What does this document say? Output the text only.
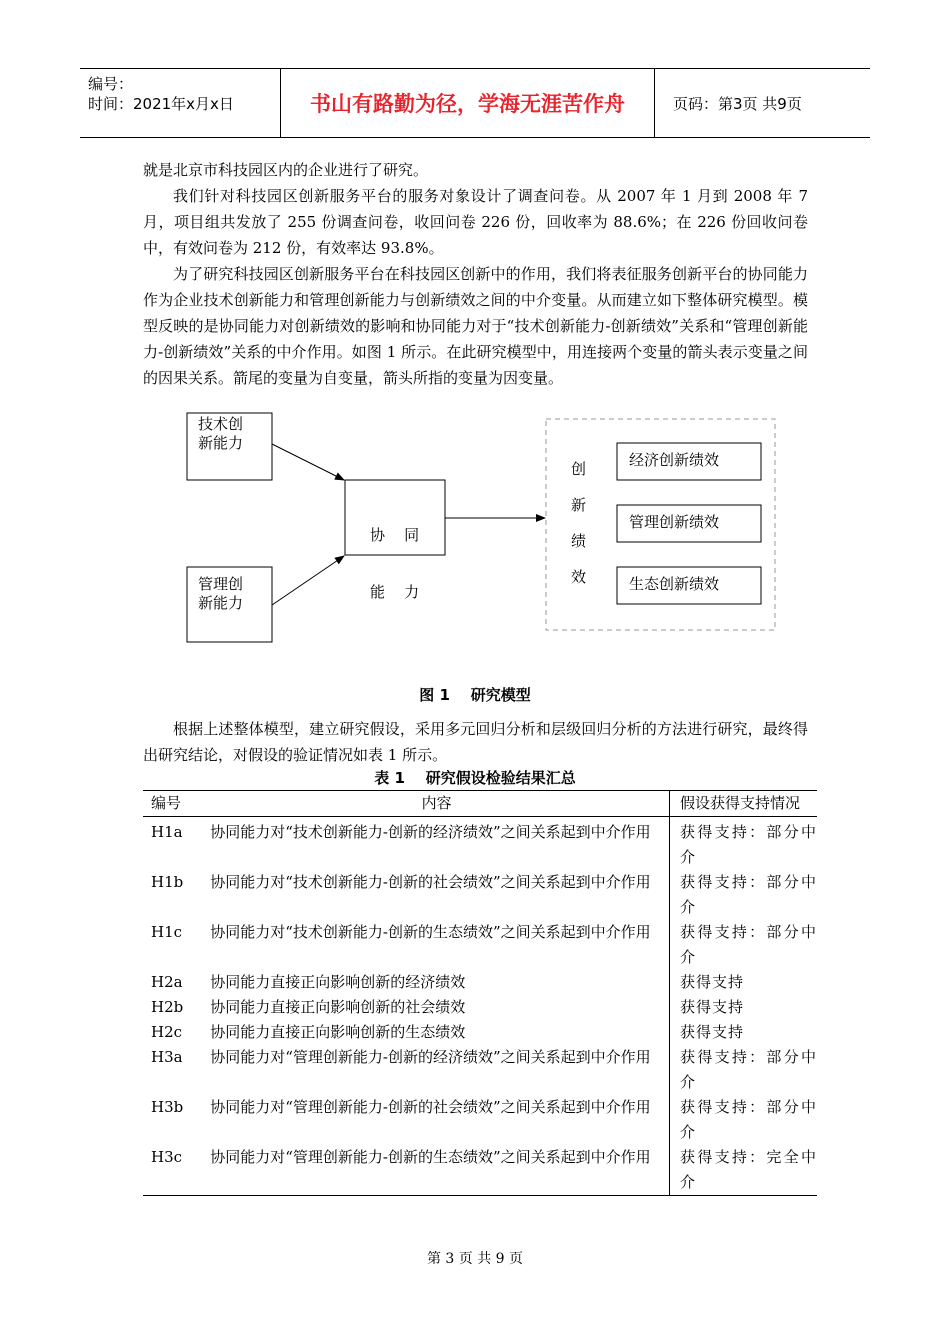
编号：
时间：2021年x月x日	书山有路勤为径，学海无涯苦作舟	页码：第3页 共9页
就是北京市科技园区内的企业进行了研究。
我们针对科技园区创新服务平台的服务对象设计了调查问卷。从 2007 年 1 月到 2008 年 7 月，项目组共发放了 255 份调查问卷，收回问卷 226 份，回收率为 88.6%；在 226 份回收问卷中，有效问卷为 212 份，有效率达 93.8%。
为了研究科技园区创新服务平台在科技园区创新中的作用，我们将表征服务创新平台的协同能力作为企业技术创新能力和管理创新能力与创新绩效之间的中介变量。从而建立如下整体研究模型。模型反映的是协同能力对创新绩效的影响和协同能力对于“技术创新能力-创新绩效”关系和“管理创新能力-创新绩效”关系的中介作用。如图 1 所示。在此研究模型中，用连接两个变量的箭头表示变量之间的因果关系。箭尾的变量为自变量，箭头所指的变量为因变量。
技术创
新能力
管理创
新能力

协    同

能    力

创
新
绩
效
经济创新绩效
管理创新绩效
生态创新绩效
图 1    研究模型
根据上述整体模型，建立研究假设，采用多元回归分析和层级回归分析的方法进行研究，最终得出研究结论，对假设的验证情况如表 1 所示。
表 1    研究假设检验结果汇总
编号	内容	假设获得支持情况
H1a	协同能力对“技术创新能力-创新的经济绩效”之间关系起到中介作用	获得支持：部分中介
H1b	协同能力对“技术创新能力-创新的社会绩效”之间关系起到中介作用	获得支持：部分中介
H1c	协同能力对“技术创新能力-创新的生态绩效”之间关系起到中介作用	获得支持：部分中介
H2a	协同能力直接正向影响创新的经济绩效	获得支持
H2b	协同能力直接正向影响创新的社会绩效	获得支持
H2c	协同能力直接正向影响创新的生态绩效	获得支持
H3a	协同能力对“管理创新能力-创新的经济绩效”之间关系起到中介作用	获得支持：部分中介
H3b	协同能力对“管理创新能力-创新的社会绩效”之间关系起到中介作用	获得支持：部分中介
H3c	协同能力对“管理创新能力-创新的生态绩效”之间关系起到中介作用	获得支持：完全中介
第 3 页 共 9 页
